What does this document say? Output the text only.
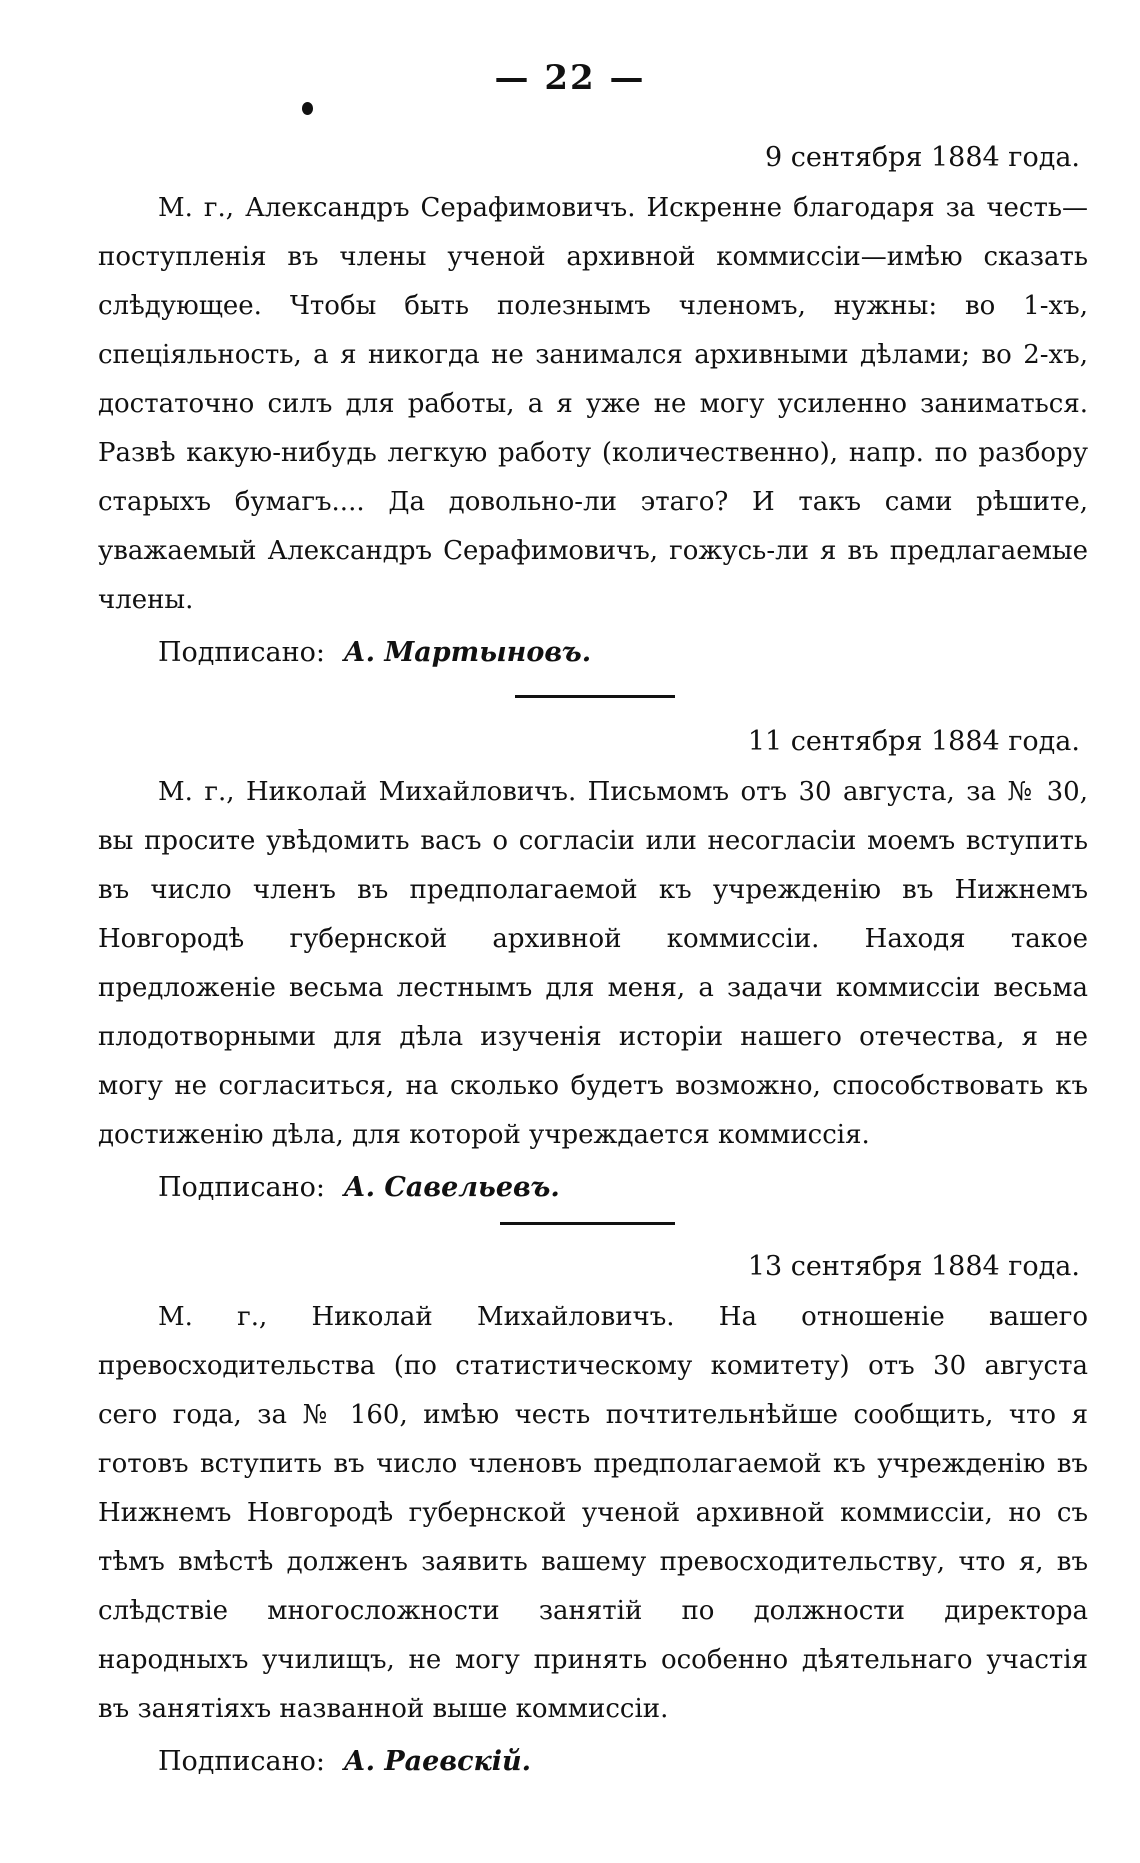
— 22 —

9 сентября 1884 года.

М. г., Александръ Серафимовичъ. Искренне благодаря за честь—поступленія въ члены ученой архивной коммиссіи—имѣю сказать слѣдующее. Чтобы быть полезнымъ членомъ, нужны: во 1-хъ, спеціяльность, а я никогда не занимался архивными дѣлами; во 2-хъ, достаточно силъ для работы, а я уже не могу усиленно заниматься. Развѣ какую-нибудь легкую работу (количественно), напр. по разбору старыхъ бумагъ.... Да довольно-ли этаго? И такъ сами рѣшите, уважаемый Александръ Серафимовичъ, гожусь-ли я въ предлагаемые члены.

Подписано: А. Мартыновъ.

11 сентября 1884 года.

М. г., Николай Михайловичъ. Письмомъ отъ 30 августа, за № 30, вы просите увѣдомить васъ о согласіи или несогласіи моемъ вступить въ число членъ въ предполагаемой къ учрежденію въ Нижнемъ Новгородѣ губернской архивной коммиссіи. Находя такое предложеніе весьма лестнымъ для меня, а задачи коммиссіи весьма плодотворными для дѣла изученія исторіи нашего отечества, я не могу не согласиться, на сколько будетъ возможно, способствовать къ достиженію дѣла, для которой учреждается коммиссія.

Подписано: А. Савельевъ.

13 сентября 1884 года.

М. г., Николай Михайловичъ. На отношеніе вашего превосходительства (по статистическому комитету) отъ 30 августа сего года, за № 160, имѣю честь почтительнѣйше сообщить, что я готовъ вступить въ число членовъ предполагаемой къ учрежденію въ Нижнемъ Новгородѣ губернской ученой архивной коммиссіи, но съ тѣмъ вмѣстѣ долженъ заявить вашему превосходительству, что я, въ слѣдствіе многосложности занятій по должности директора народныхъ училищъ, не могу принять особенно дѣятельнаго участія въ занятіяхъ названной выше коммиссіи.

Подписано: А. Раевскій.
